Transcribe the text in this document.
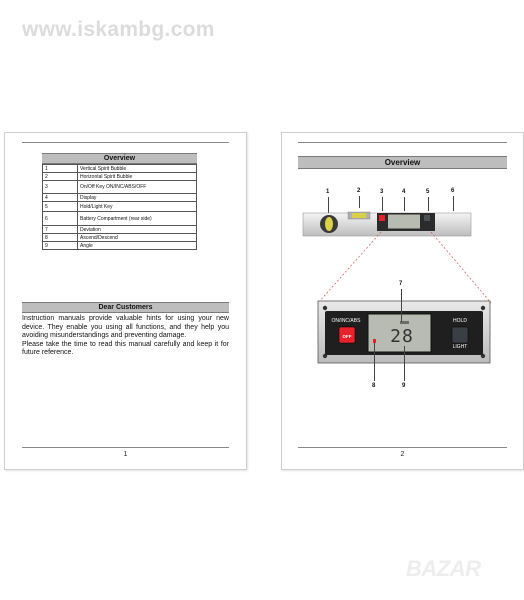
www.iskambg.com
Overview
1	Vertical Spirit Bubble
2	Horizontal Spirit Bubble
3	On/Off Key ON/INC/ABS/OFF
4	Display
5	Hold/Light Key
6	Battery Compartment (rear side)
7	Deviation
8	Ascend/Descend
9	Angle
Dear Customers

Instruction manuals provide valuable hints for using your new device. They enable you using all functions, and they help you avoiding misunderstandings and preventing damage.

Please take the time to read this manual carefully and keep it for future reference.

1
Overview
1	2	3	4	5	6
ON/INC/ABS
OFF
HOLD
LIGHT
28
7
8	9
2
BAZAR
